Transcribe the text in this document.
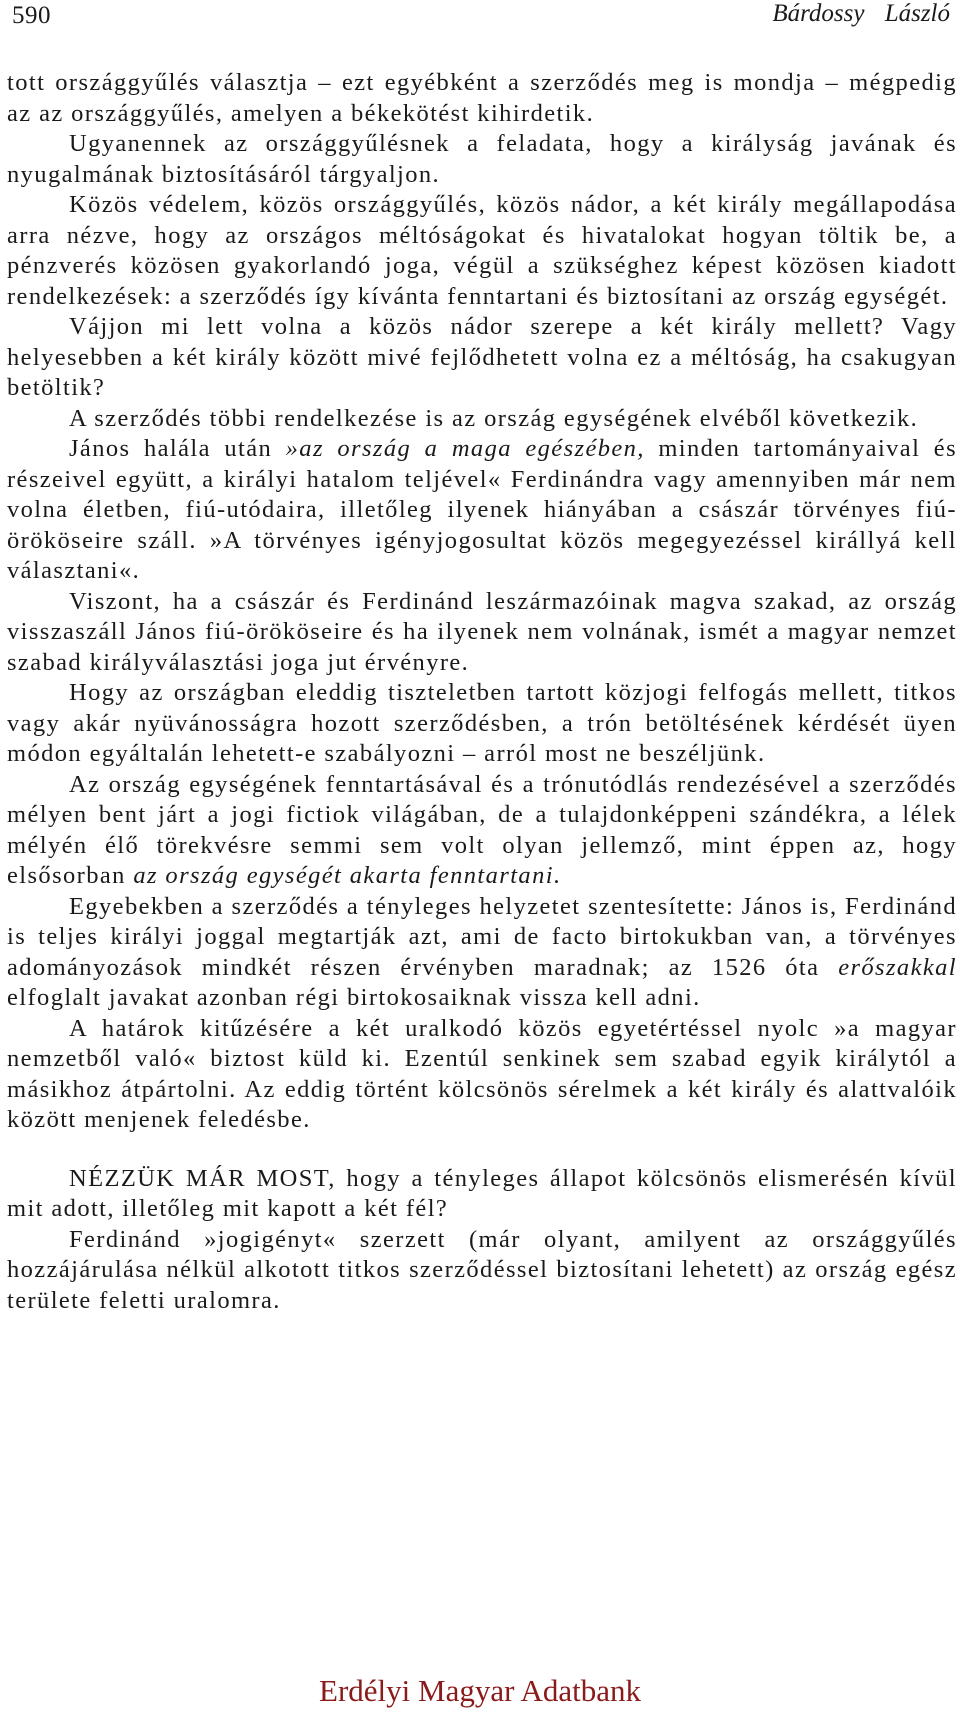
590	Bárdossy László

tott országgyűlés választja – ezt egyébként a szerződés meg is mondja – mégpedig az az országgyűlés, amelyen a békekötést kihirdetik.

Ugyanennek az országgyűlésnek a feladata, hogy a királyság javának és nyugalmának biztosításáról tárgyaljon.

Közös védelem, közös országgyűlés, közös nádor, a két király megállapodása arra nézve, hogy az országos méltóságokat és hivatalokat hogyan töltik be, a pénzverés közösen gyakorlandó joga, végül a szükséghez képest közösen kiadott rendelkezések: a szerződés így kívánta fenntartani és biztosítani az ország egységét.

Vájjon mi lett volna a közös nádor szerepe a két király mellett? Vagy helyesebben a két király között mivé fejlődhetett volna ez a méltóság, ha csakugyan betöltik?

A szerződés többi rendelkezése is az ország egységének elvéből következik.

János halála után »az ország a maga egészében, minden tartományaival és részeivel együtt, a királyi hatalom teljével« Ferdinándra vagy amennyiben már nem volna életben, fiú-utódaira, illetőleg ilyenek hiányában a császár törvényes fiú-örököseire száll. »A törvényes igényjogosultat közös megegyezéssel királlyá kell választani«.

Viszont, ha a császár és Ferdinánd leszármazóinak magva szakad, az ország visszaszáll János fiú-örököseire és ha ilyenek nem volnának, ismét a magyar nemzet szabad királyválasztási joga jut érvényre.

Hogy az országban eleddig tiszteletben tartott közjogi felfogás mellett, titkos vagy akár nyüvánosságra hozott szerződésben, a trón betöltésének kérdését üyen módon egyáltalán lehetett-e szabályozni – arról most ne beszéljünk.

Az ország egységének fenntartásával és a trónutódlás rendezésével a szerződés mélyen bent járt a jogi fictiok világában, de a tulajdonképpeni szándékra, a lélek mélyén élő törekvésre semmi sem volt olyan jellemző, mint éppen az, hogy elsősorban az ország egységét akarta fenntartani.

Egyebekben a szerződés a tényleges helyzetet szentesítette: János is, Ferdinánd is teljes királyi joggal megtartják azt, ami de facto birtokukban van, a törvényes adományozások mindkét részen érvényben maradnak; az 1526 óta erőszakkal elfoglalt javakat azonban régi birtokosaiknak vissza kell adni.

A határok kitűzésére a két uralkodó közös egyetértéssel nyolc »a magyar nemzetből való« biztost küld ki. Ezentúl senkinek sem szabad egyik királytól a másikhoz átpártolni. Az eddig történt kölcsönös sérelmek a két király és alattvalóik között menjenek feledésbe.

NÉZZÜK MÁR MOST, hogy a tényleges állapot kölcsönös elismerésén kívül mit adott, illetőleg mit kapott a két fél?

Ferdinánd »jogigényt« szerzett (már olyant, amilyent az országgyűlés hozzájárulása nélkül alkotott titkos szerződéssel biztosítani lehetett) az ország egész területe feletti uralomra.

Erdélyi Magyar Adatbank
